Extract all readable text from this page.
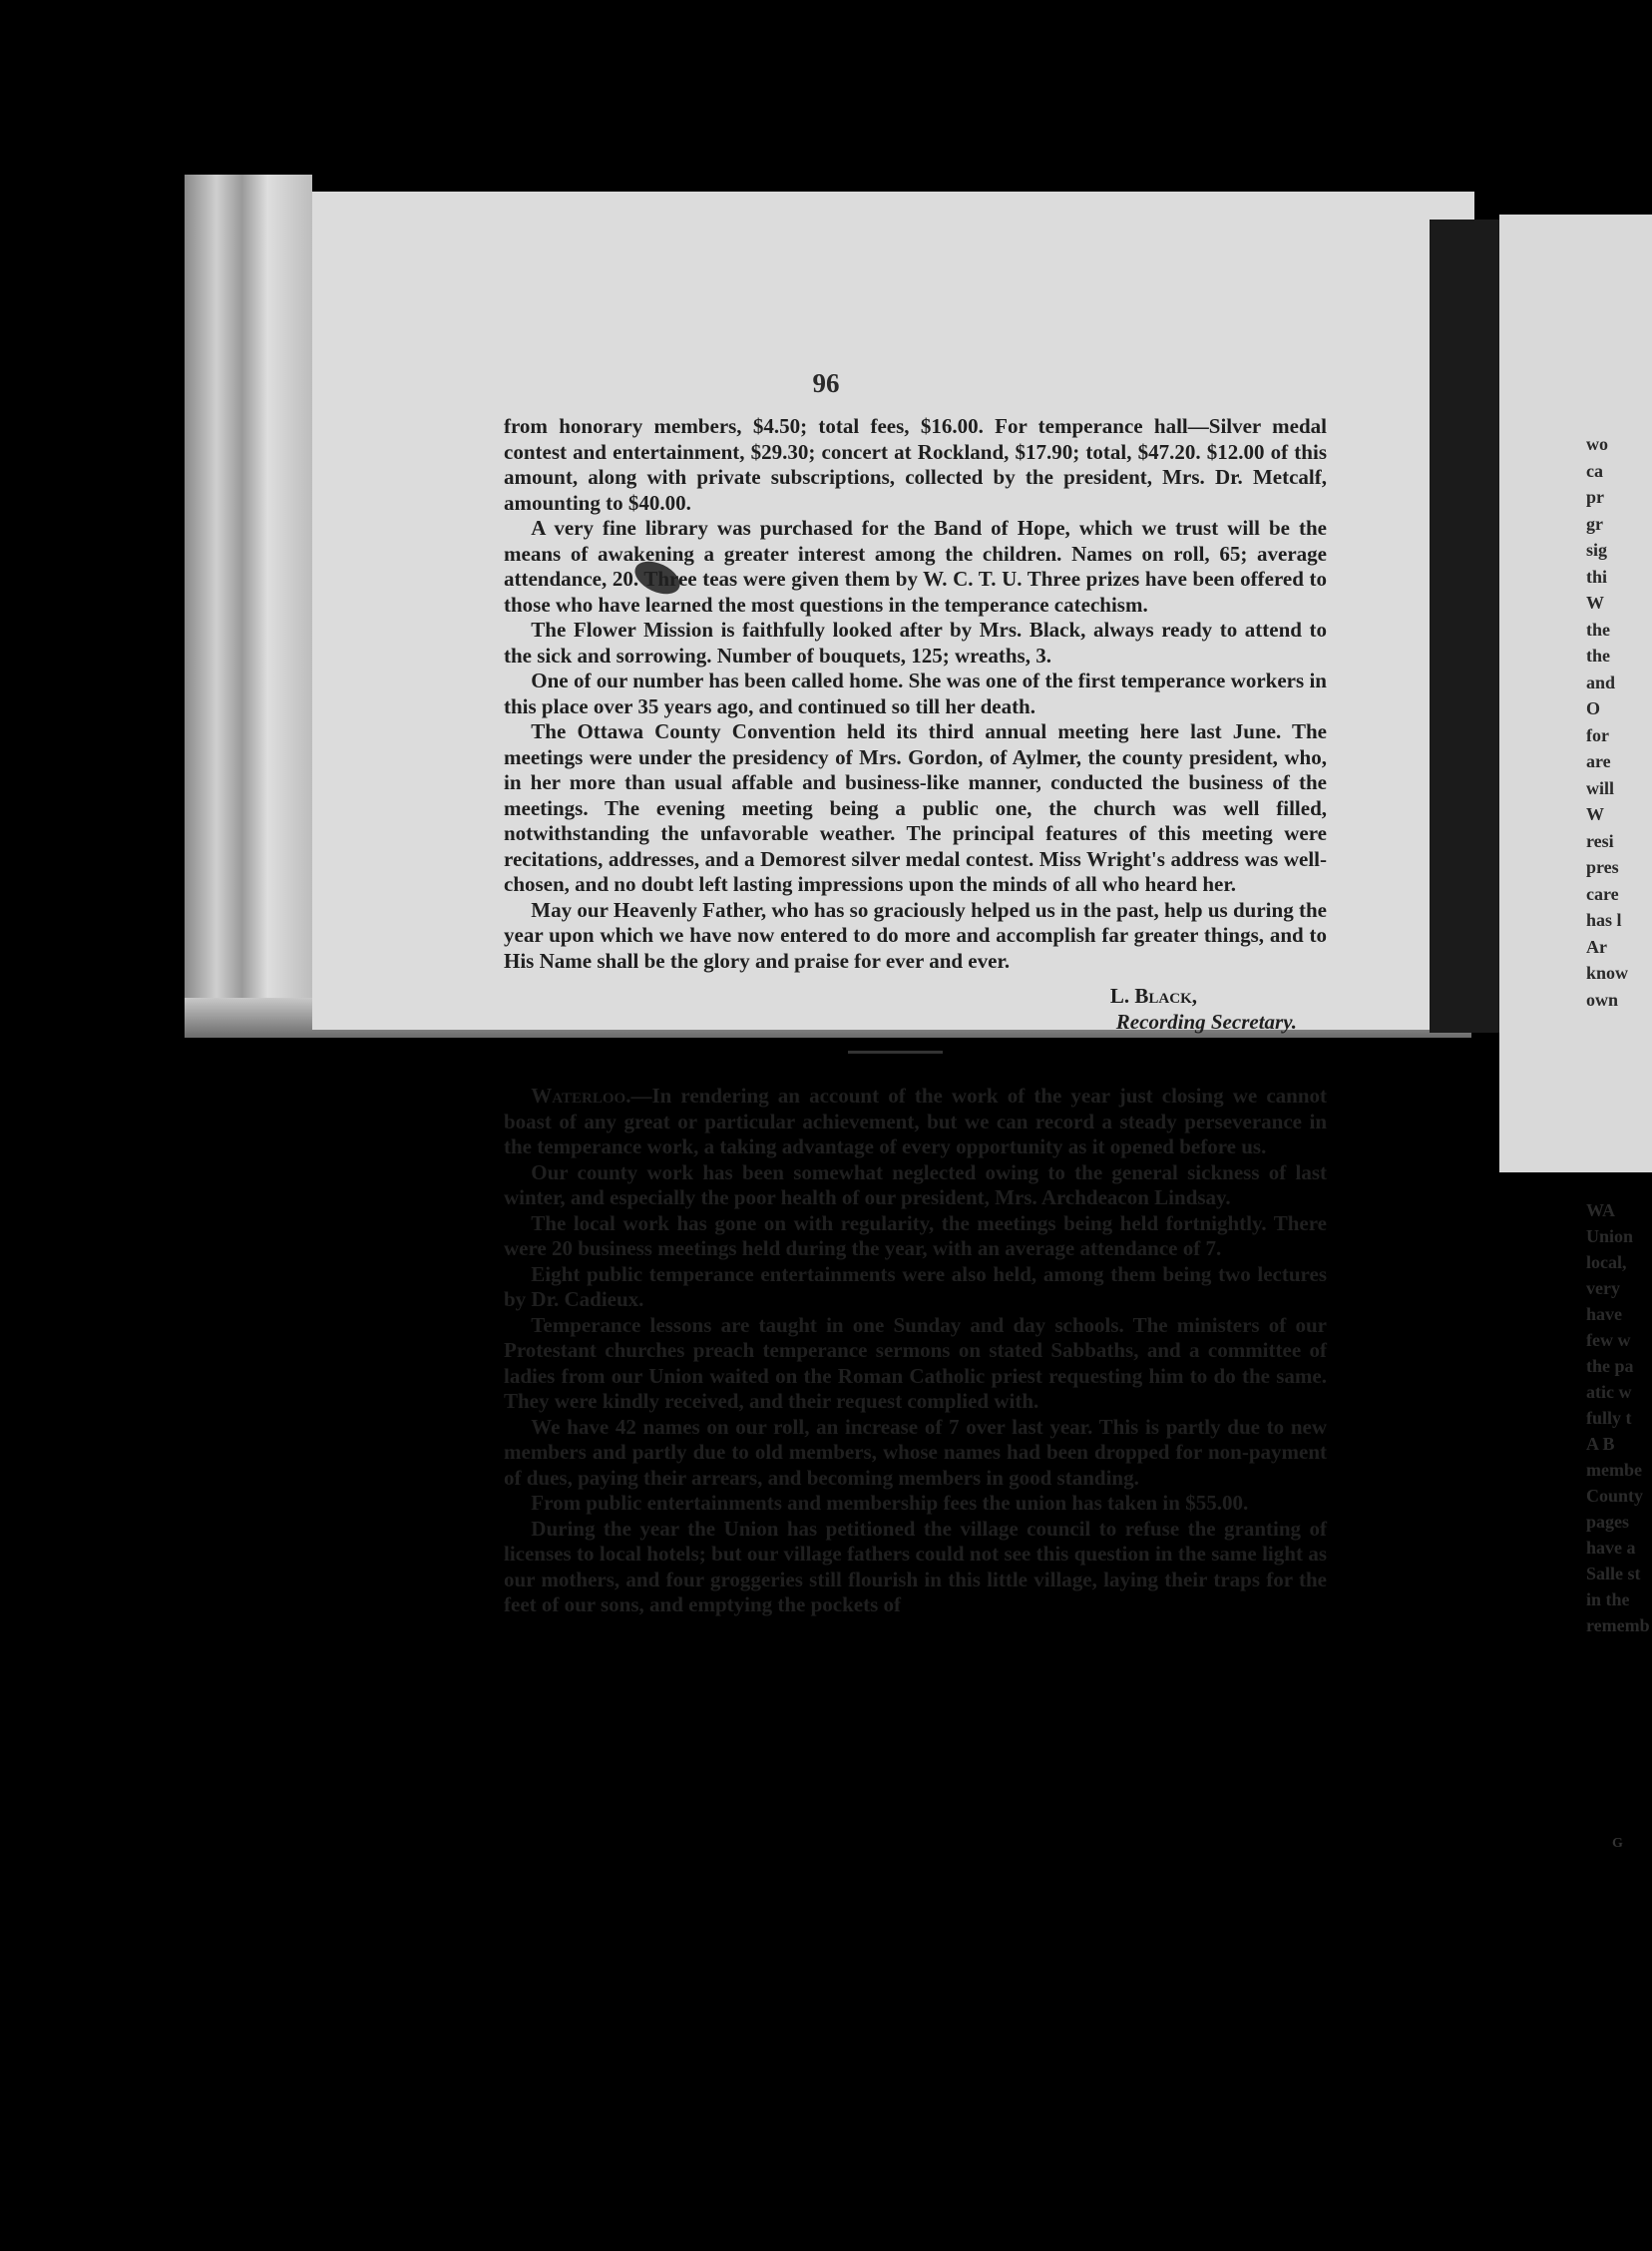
96

from honorary members, $4.50; total fees, $16.00. For temperance hall—Silver medal contest and entertainment, $29.30; concert at Rockland, $17.90; total, $47.20. $12.00 of this amount, along with private subscriptions, collected by the president, Mrs. Dr. Metcalf, amounting to $40.00.

A very fine library was purchased for the Band of Hope, which we trust will be the means of awakening a greater interest among the children. Names on roll, 65; average attendance, 20. Three teas were given them by W. C. T. U. Three prizes have been offered to those who have learned the most questions in the temperance catechism.

The Flower Mission is faithfully looked after by Mrs. Black, always ready to attend to the sick and sorrowing. Number of bouquets, 125; wreaths, 3.

One of our number has been called home. She was one of the first temperance workers in this place over 35 years ago, and continued so till her death.

The Ottawa County Convention held its third annual meeting here last June. The meetings were under the presidency of Mrs. Gordon, of Aylmer, the county president, who, in her more than usual affable and business-like manner, conducted the business of the meetings. The evening meeting being a public one, the church was well filled, notwithstanding the unfavorable weather. The principal features of this meeting were recitations, addresses, and a Demorest silver medal contest. Miss Wright's address was well-chosen, and no doubt left lasting impressions upon the minds of all who heard her.

May our Heavenly Father, who has so graciously helped us in the past, help us during the year upon which we have now entered to do more and accomplish far greater things, and to His Name shall be the glory and praise for ever and ever.

L. Black,
Recording Secretary.

Waterloo.—In rendering an account of the work of the year just closing we cannot boast of any great or particular achievement, but we can record a steady perseverance in the temperance work, a taking advantage of every opportunity as it opened before us.

Our county work has been somewhat neglected owing to the general sickness of last winter, and especially the poor health of our president, Mrs. Archdeacon Lindsay.

The local work has gone on with regularity, the meetings being held fortnightly. There were 20 business meetings held during the year, with an average attendance of 7.

Eight public temperance entertainments were also held, among them being two lectures by Dr. Cadieux.

Temperance lessons are taught in one Sunday and day schools. The ministers of our Protestant churches preach temperance sermons on stated Sabbaths, and a committee of ladies from our Union waited on the Roman Catholic priest requesting him to do the same. They were kindly received, and their request complied with.

We have 42 names on our roll, an increase of 7 over last year. This is partly due to new members and partly due to old members, whose names had been dropped for non-payment of dues, paying their arrears, and becoming members in good standing.

From public entertainments and membership fees the union has taken in $55.00.

During the year the Union has petitioned the village council to refuse the granting of licenses to local hotels; but our village fathers could not see this question in the same light as our mothers, and four groggeries still flourish in this little village, laying their traps for the feet of our sons, and emptying the pockets of

wo
ca
pr
gr
sig
thi
W
the
the
and
O
for
are
will
W
resi
pres
care
has l
Ar
know
own
WA
Union
local,
very
have
few w
the pa
atic w
fully t
A B
membe
County
pages
have a
Salle st
in the
rememb
G
